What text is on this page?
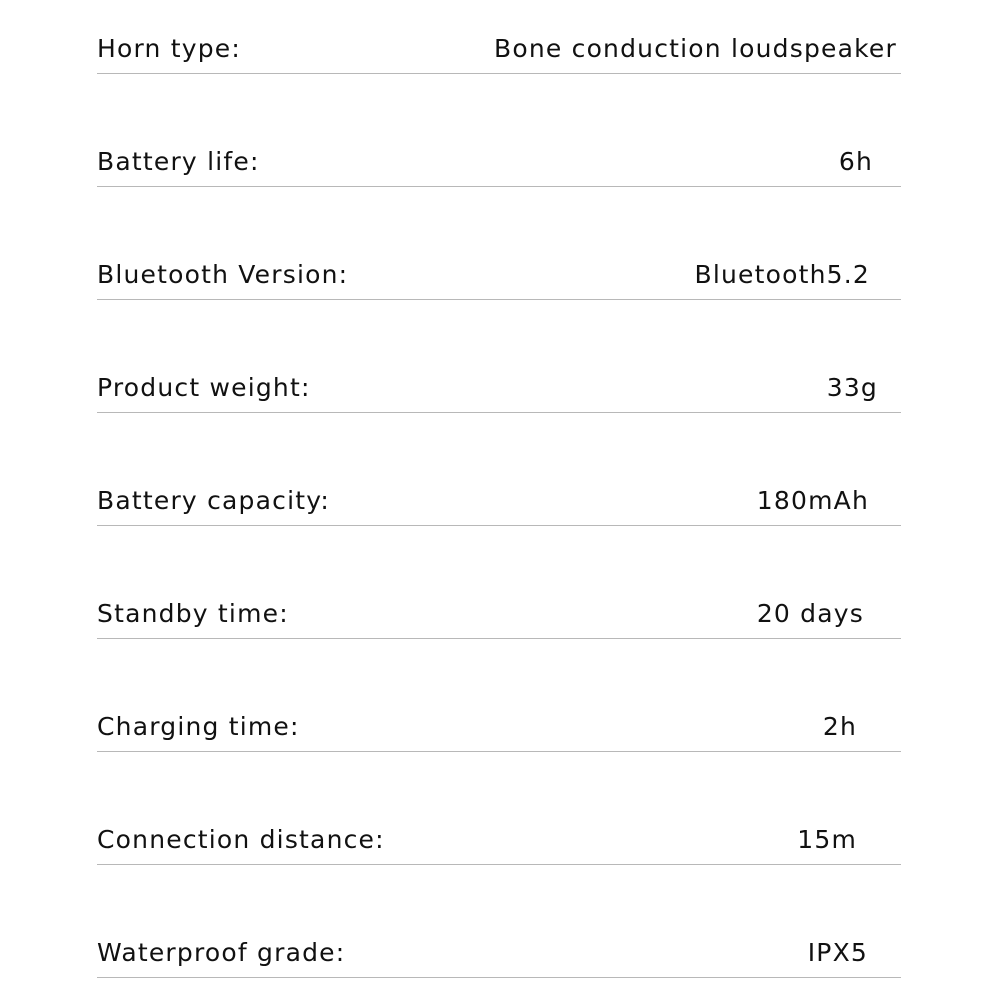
Horn type:	Bone conduction loudspeaker
Battery life:	6h
Bluetooth Version:	Bluetooth5.2
Product weight:	33g
Battery capacity:	180mAh
Standby time:	20 days
Charging time:	2h
Connection distance:	15m
Waterproof grade:	IPX5
